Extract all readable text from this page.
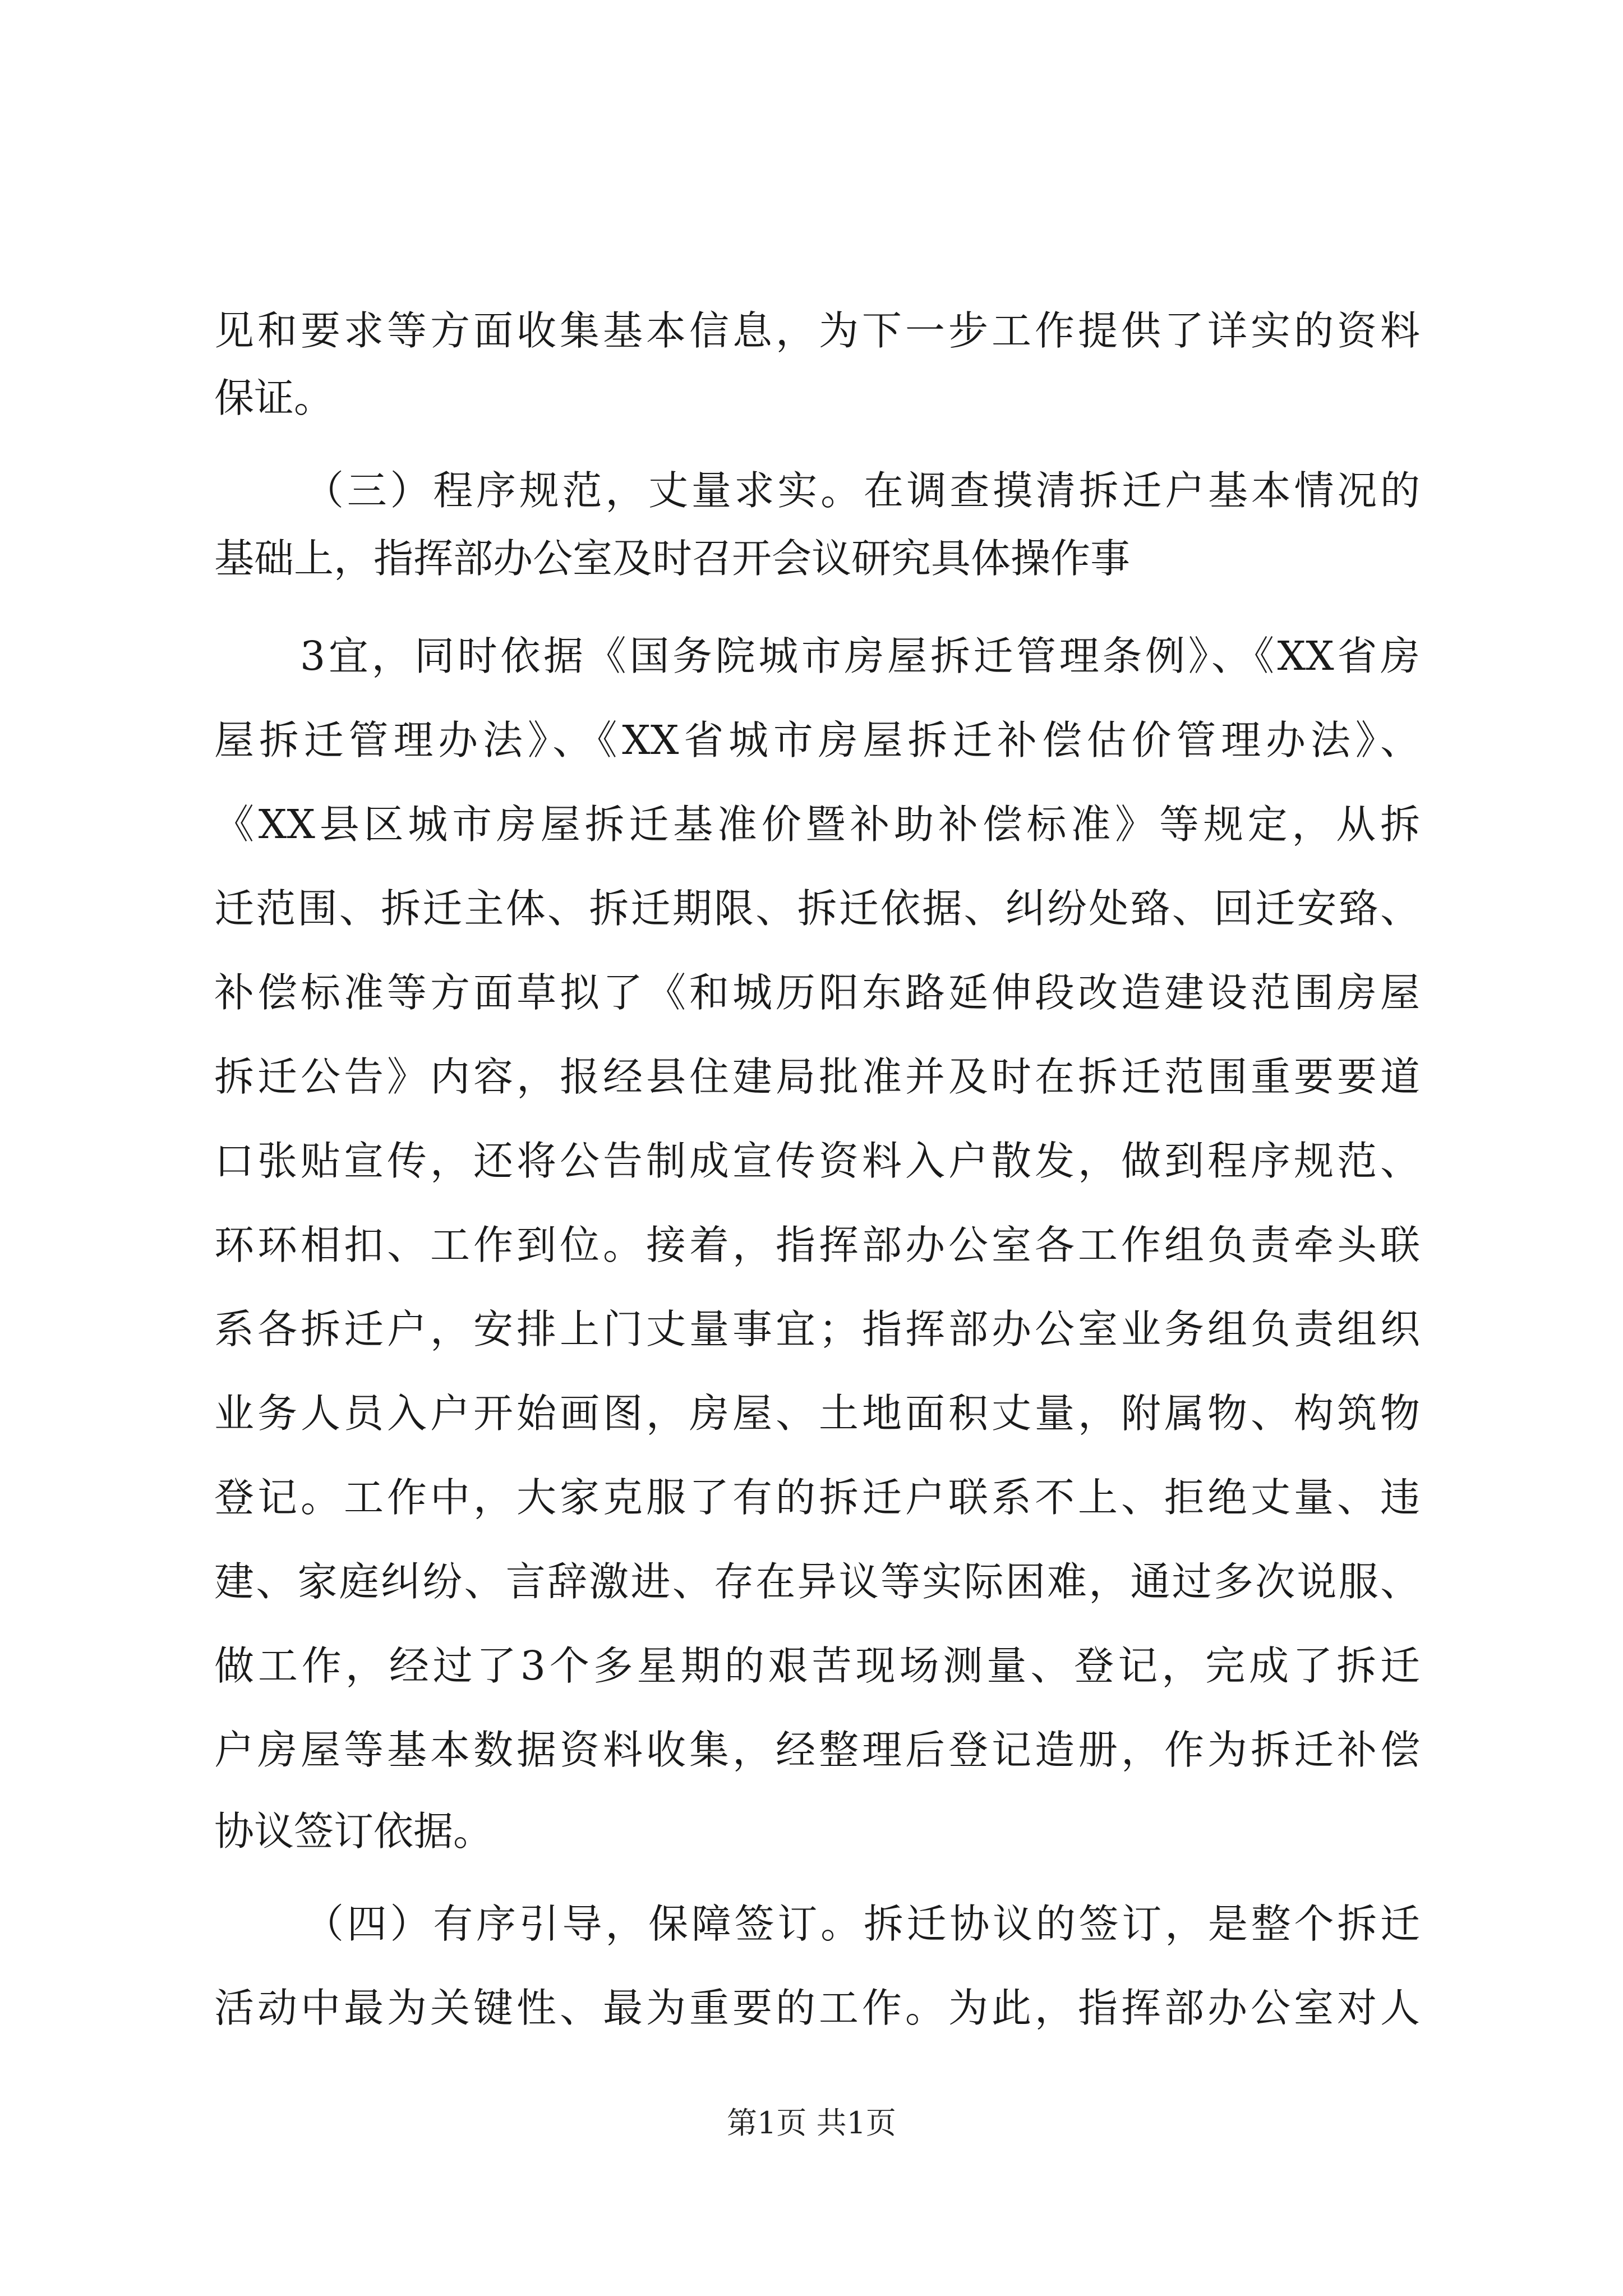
见和要求等方面收集基本信息，为下一步工作提供了详实的资料
保证。
（三）程序规范，丈量求实。在调查摸清拆迁户基本情况的
基础上，指挥部办公室及时召开会议研究具体操作事
3宜，同时依据《国务院城市房屋拆迁管理条例》、《XX省房
屋拆迁管理办法》、《XX省城市房屋拆迁补偿估价管理办法》、
《XX县区城市房屋拆迁基准价暨补助补偿标准》等规定，从拆
迁范围、拆迁主体、拆迁期限、拆迁依据、纠纷处臵、回迁安臵、
补偿标准等方面草拟了《和城历阳东路延伸段改造建设范围房屋
拆迁公告》内容，报经县住建局批准并及时在拆迁范围重要要道
口张贴宣传，还将公告制成宣传资料入户散发，做到程序规范、
环环相扣、工作到位。接着，指挥部办公室各工作组负责牵头联
系各拆迁户，安排上门丈量事宜；指挥部办公室业务组负责组织
业务人员入户开始画图，房屋、土地面积丈量，附属物、构筑物
登记。工作中，大家克服了有的拆迁户联系不上、拒绝丈量、违
建、家庭纠纷、言辞激进、存在异议等实际困难，通过多次说服、
做工作，经过了3个多星期的艰苦现场测量、登记，完成了拆迁
户房屋等基本数据资料收集，经整理后登记造册，作为拆迁补偿
协议签订依据。
（四）有序引导，保障签订。拆迁协议的签订，是整个拆迁
活动中最为关键性、最为重要的工作。为此，指挥部办公室对人
第1页 共1页
